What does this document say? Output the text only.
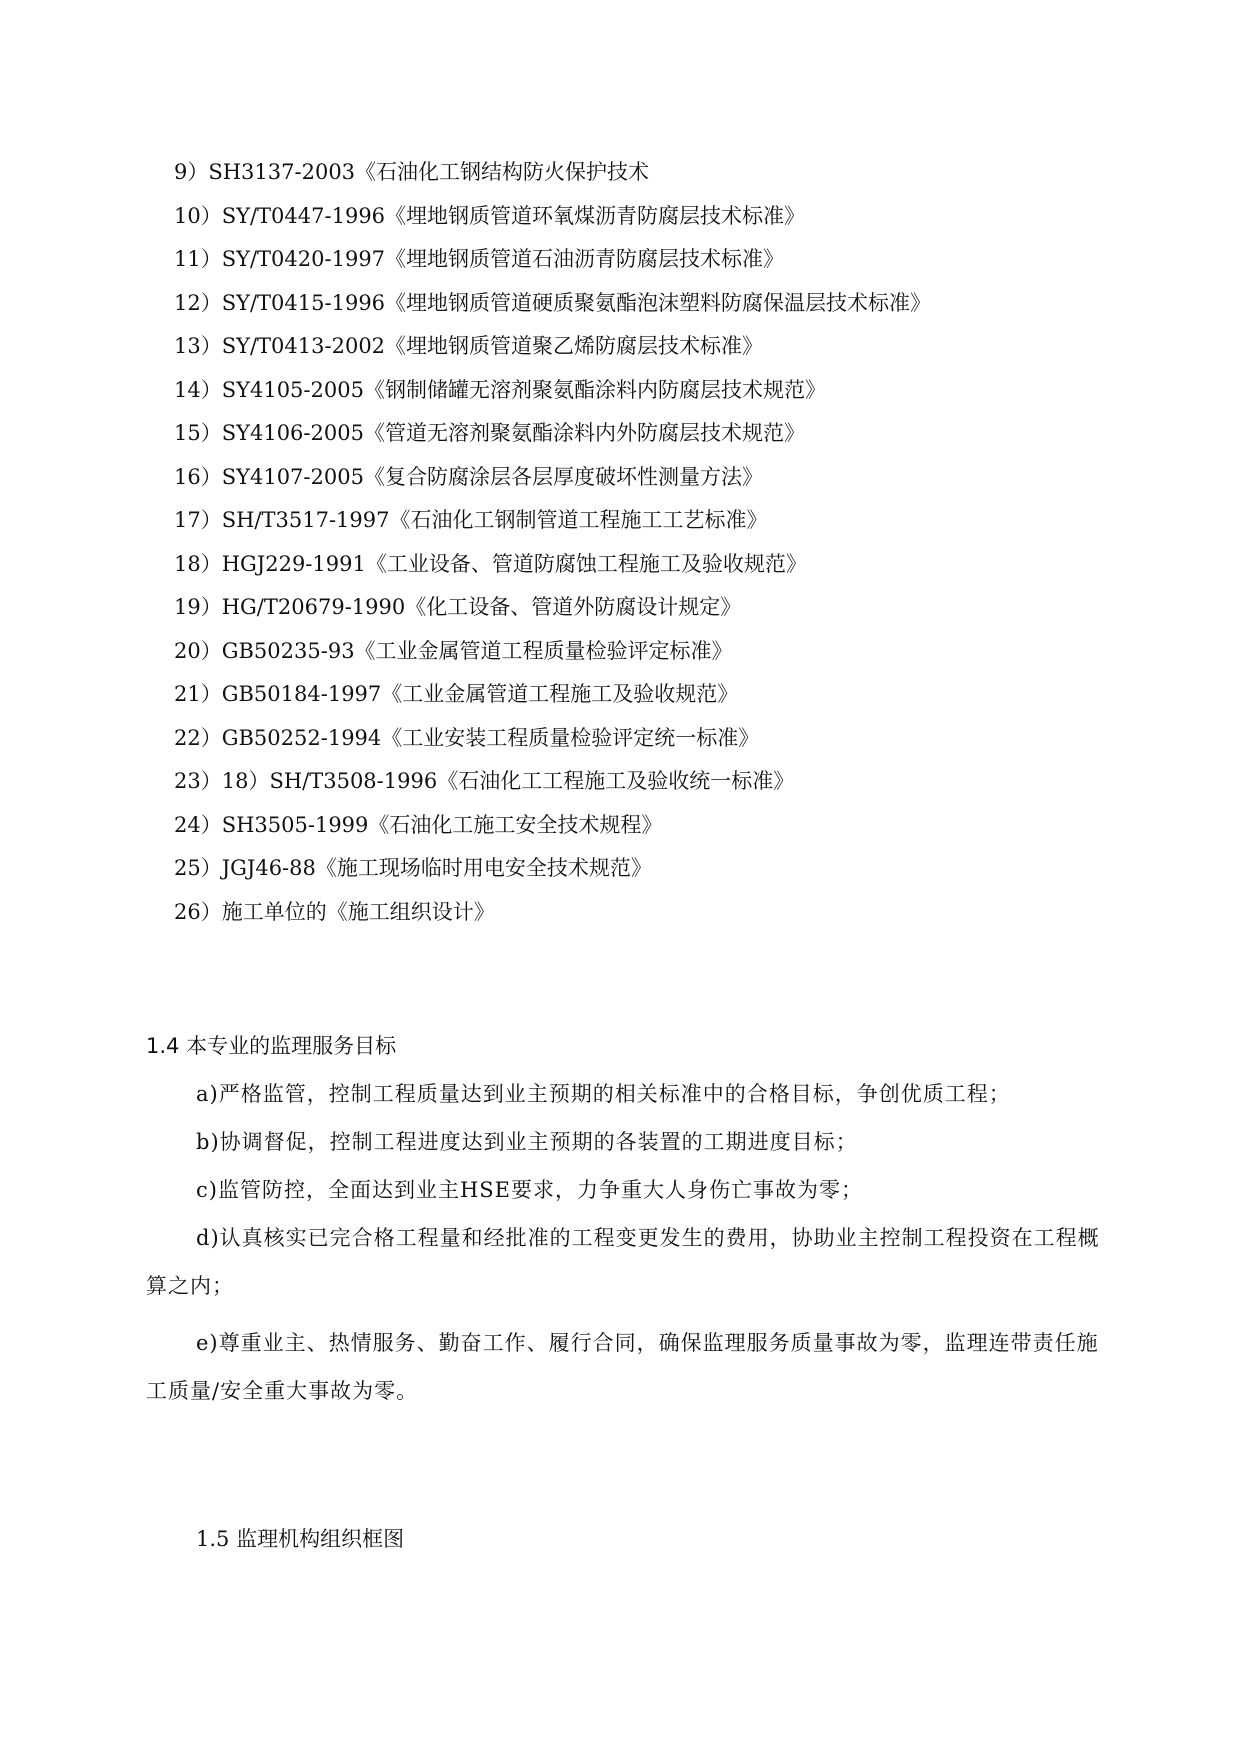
9）SH3137-2003《石油化工钢结构防火保护技术

10）SY/T0447-1996《埋地钢质管道环氧煤沥青防腐层技术标准》

11）SY/T0420-1997《埋地钢质管道石油沥青防腐层技术标准》

12）SY/T0415-1996《埋地钢质管道硬质聚氨酯泡沫塑料防腐保温层技术标准》

13）SY/T0413-2002《埋地钢质管道聚乙烯防腐层技术标准》

14）SY4105-2005《钢制储罐无溶剂聚氨酯涂料内防腐层技术规范》

15）SY4106-2005《管道无溶剂聚氨酯涂料内外防腐层技术规范》

16）SY4107-2005《复合防腐涂层各层厚度破坏性测量方法》

17）SH/T3517-1997《石油化工钢制管道工程施工工艺标准》

18）HGJ229-1991《工业设备、管道防腐蚀工程施工及验收规范》

19）HG/T20679-1990《化工设备、管道外防腐设计规定》

20）GB50235-93《工业金属管道工程质量检验评定标准》

21）GB50184-1997《工业金属管道工程施工及验收规范》

22）GB50252-1994《工业安装工程质量检验评定统一标准》

23）18）SH/T3508-1996《石油化工工程施工及验收统一标准》

24）SH3505-1999《石油化工施工安全技术规程》

25）JGJ46-88《施工现场临时用电安全技术规范》

26）施工单位的《施工组织设计》

1.4 本专业的监理服务目标

a)严格监管，控制工程质量达到业主预期的相关标准中的合格目标，争创优质工程；

b)协调督促，控制工程进度达到业主预期的各装置的工期进度目标；

c)监管防控，全面达到业主HSE要求，力争重大人身伤亡事故为零；

d)认真核实已完合格工程量和经批准的工程变更发生的费用，协助业主控制工程投资在工程概算之内；

e)尊重业主、热情服务、勤奋工作、履行合同，确保监理服务质量事故为零，监理连带责任施工质量/安全重大事故为零。

1.5 监理机构组织框图
